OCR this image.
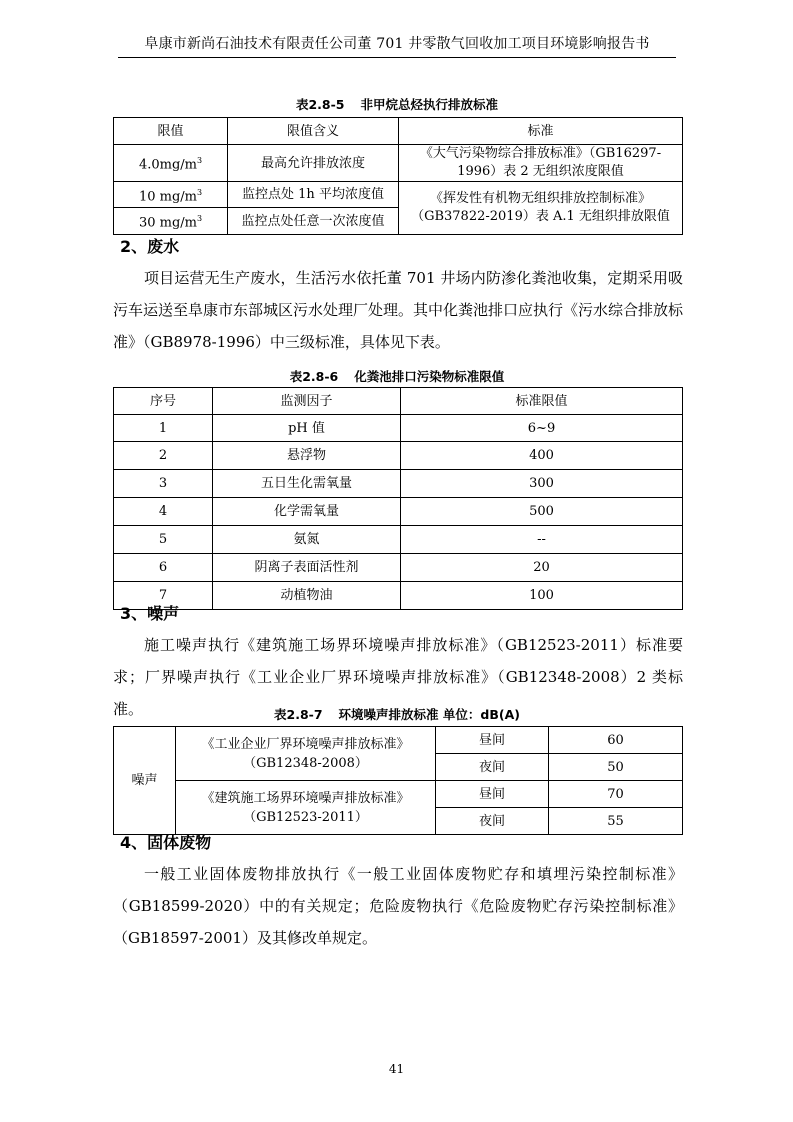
阜康市新尚石油技术有限责任公司董 701 井零散气回收加工项目环境影响报告书
表2.8-5 非甲烷总烃执行排放标准
限值	限值含义	标准
$4.0mg/m^3$	最高允许排放浓度	《大气污染物综合排放标准》（GB16297-1996）表 2 无组织浓度限值
10 $mg/m^3$	监控点处 1h 平均浓度值	《挥发性有机物无组织排放控制标准》（GB37822-2019）表 A.1 无组织排放限值
30 $mg/m^3$	监控点处任意一次浓度值	
2、废水
项目运营无生产废水，生活污水依托董 701 井场内防渗化粪池收集，定期采用吸污车运送至阜康市东部城区污水处理厂处理。其中化粪池排口应执行《污水综合排放标准》（GB8978-1996）中三级标准，具体见下表。
表2.8-6 化粪池排口污染物标准限值
序号	监测因子	标准限值
1	pH 值	6~9
2	悬浮物	400
3	五日生化需氧量	300
4	化学需氧量	500
5	氨氮	--
6	阴离子表面活性剂	20
7	动植物油	100
3、噪声
施工噪声执行《建筑施工场界环境噪声排放标准》（GB12523-2011）标准要求；厂界噪声执行《工业企业厂界环境噪声排放标准》（GB12348-2008）2 类标准。	表2.8-7 环境噪声排放标准 单位：dB(A)
噪声	《工业企业厂界环境噪声排放标准》（GB12348-2008）	昼间	60
		夜间	50
	《建筑施工场界环境噪声排放标准》（GB12523-2011）	昼间	70
		夜间	55
4、固体废物
一般工业固体废物排放执行《一般工业固体废物贮存和填埋污染控制标准》（GB18599-2020）中的有关规定；危险废物执行《危险废物贮存污染控制标准》（GB18597-2001）及其修改单规定。
41
